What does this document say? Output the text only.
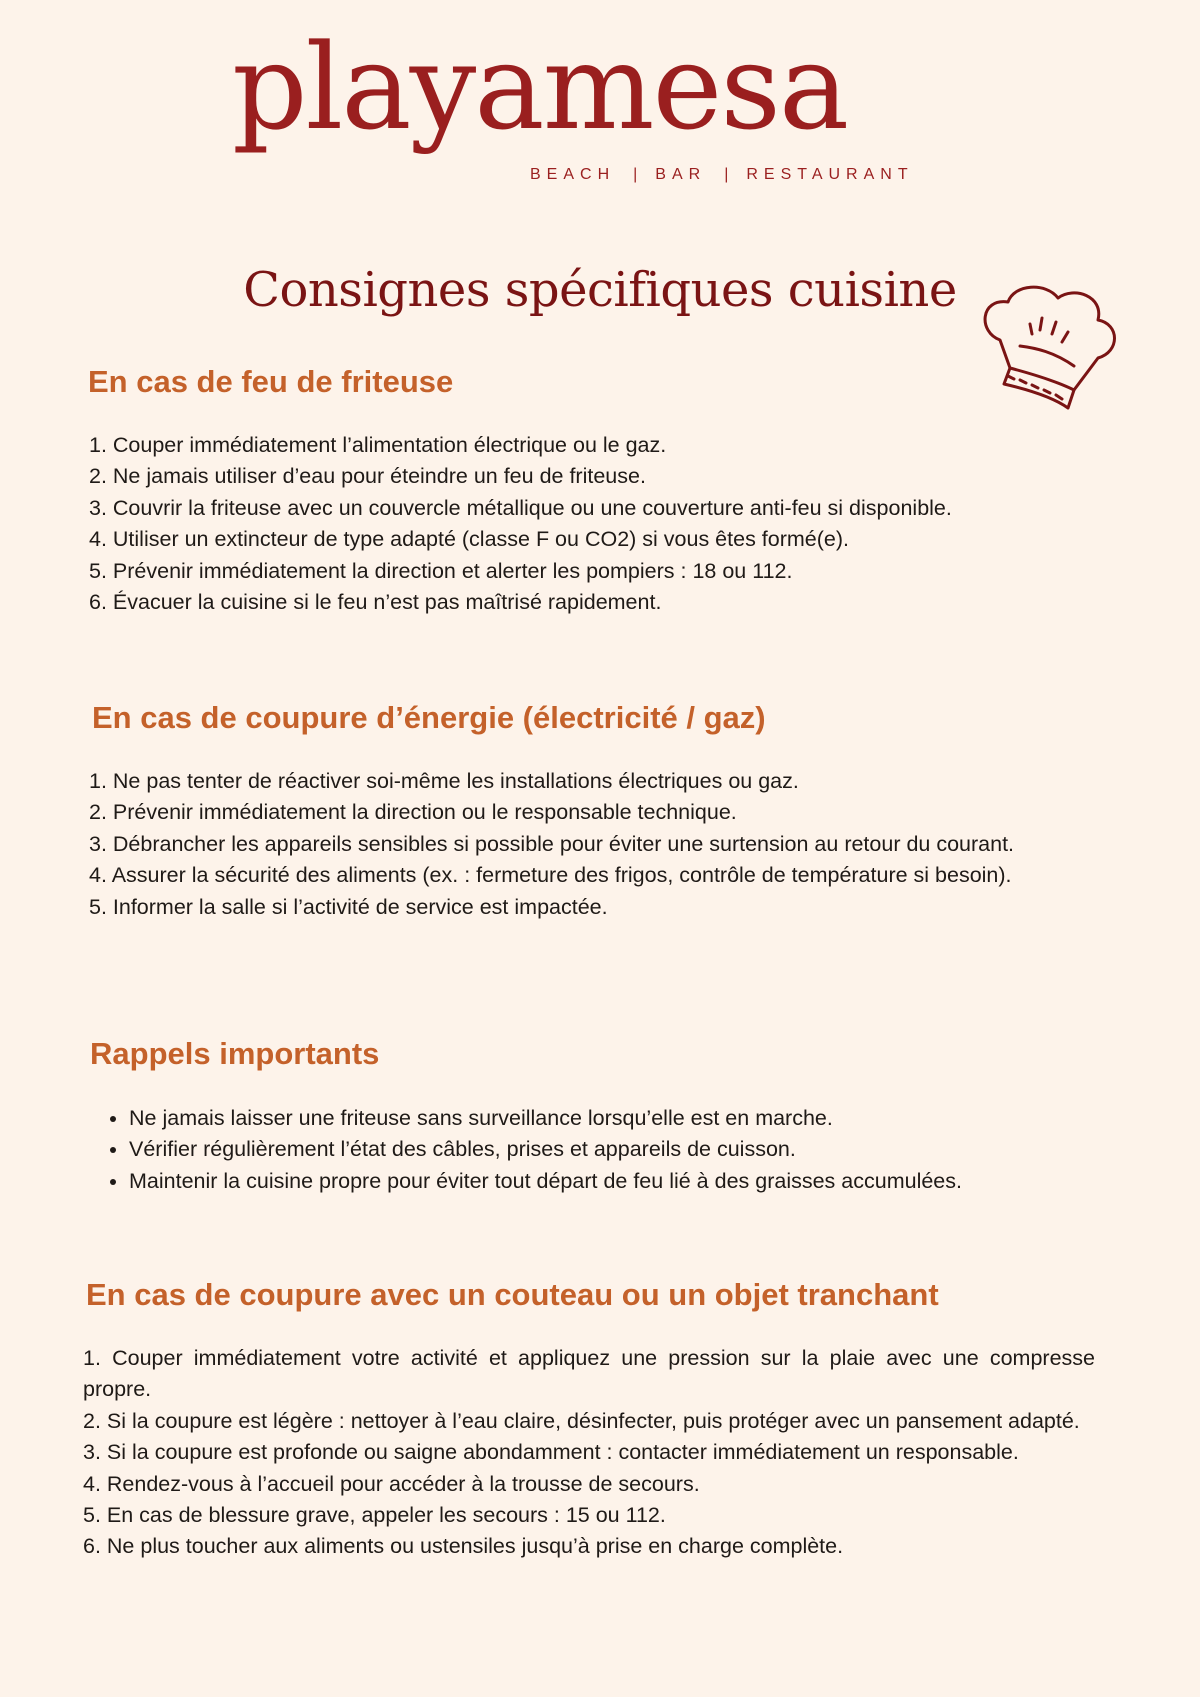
playamesa
BEACH | BAR | RESTAURANT
Consignes spécifiques cuisine
En cas de feu de friteuse

1. Couper immédiatement l’alimentation électrique ou le gaz.

2. Ne jamais utiliser d’eau pour éteindre un feu de friteuse.

3. Couvrir la friteuse avec un couvercle métallique ou une couverture anti-feu si disponible.

4. Utiliser un extincteur de type adapté (classe F ou CO2) si vous êtes formé(e).

5. Prévenir immédiatement la direction et alerter les pompiers : 18 ou 112.

6. Évacuer la cuisine si le feu n’est pas maîtrisé rapidement.

En cas de coupure d’énergie (électricité / gaz)

1. Ne pas tenter de réactiver soi-même les installations électriques ou gaz.

2. Prévenir immédiatement la direction ou le responsable technique.

3. Débrancher les appareils sensibles si possible pour éviter une surtension au retour du courant.

4. Assurer la sécurité des aliments (ex. : fermeture des frigos, contrôle de température si besoin).

5. Informer la salle si l’activité de service est impactée.

Rappels importants
• Ne jamais laisser une friteuse sans surveillance lorsqu’elle est en marche.
• Vérifier régulièrement l’état des câbles, prises et appareils de cuisson.
• Maintenir la cuisine propre pour éviter tout départ de feu lié à des graisses accumulées.
En cas de coupure avec un couteau ou un objet tranchant

1. Couper immédiatement votre activité et appliquez une pression sur la plaie avec une compresse propre.

2. Si la coupure est légère : nettoyer à l’eau claire, désinfecter, puis protéger avec un pansement adapté.

3. Si la coupure est profonde ou saigne abondamment : contacter immédiatement un responsable.

4. Rendez-vous à l’accueil pour accéder à la trousse de secours.

5. En cas de blessure grave, appeler les secours : 15 ou 112.

6. Ne plus toucher aux aliments ou ustensiles jusqu’à prise en charge complète.
